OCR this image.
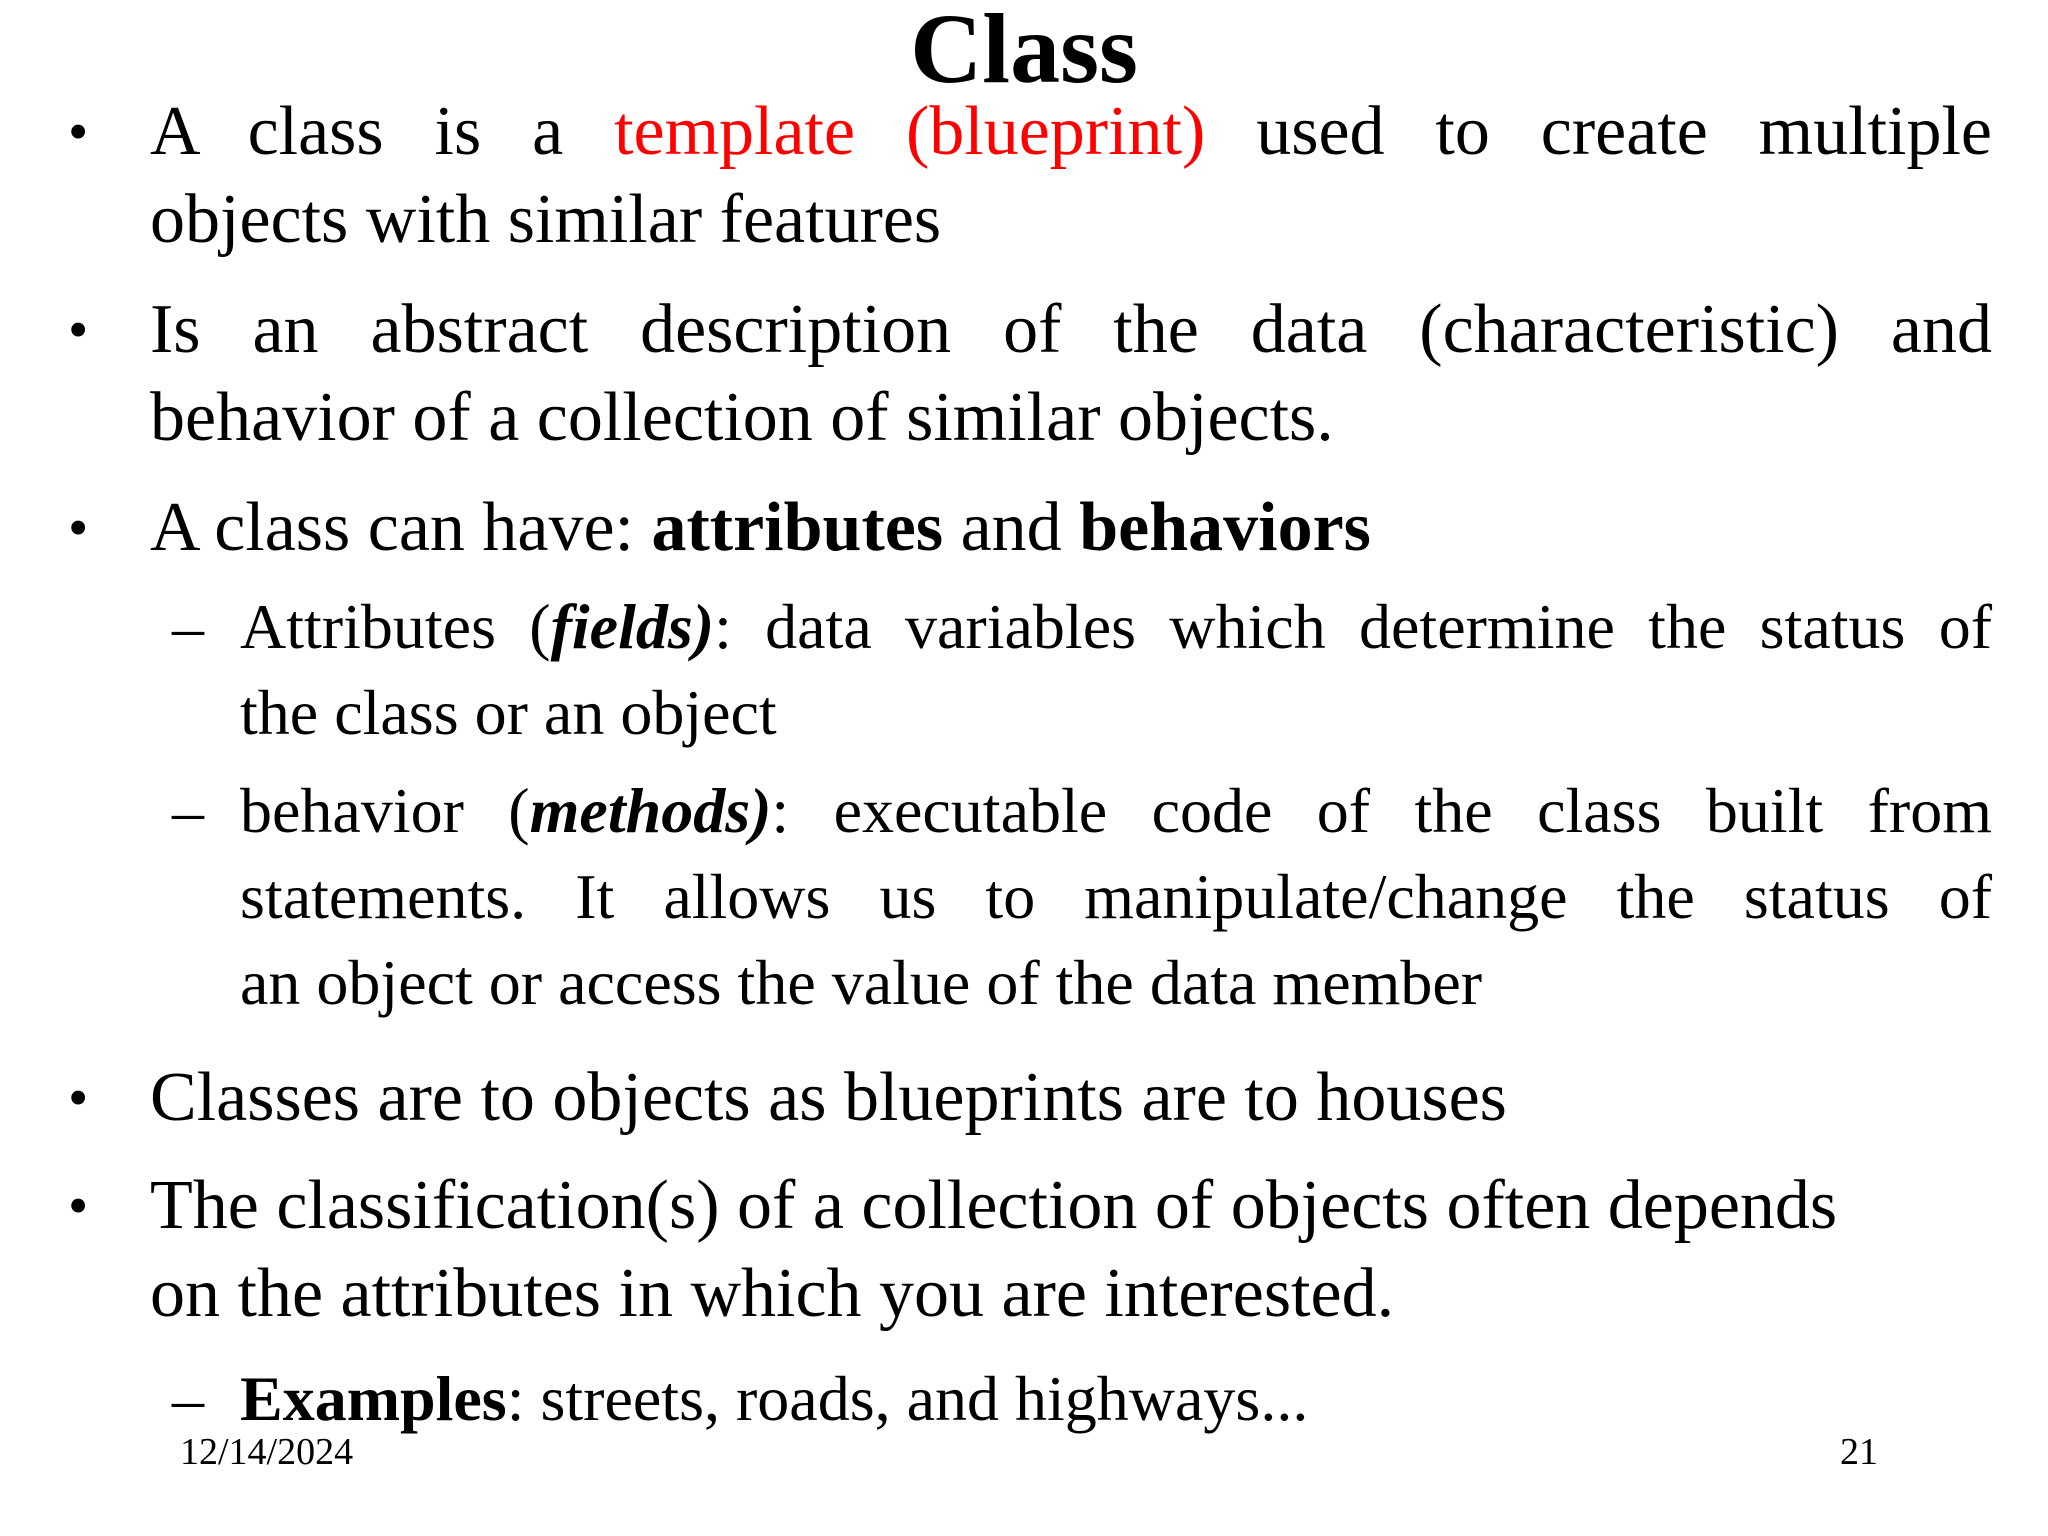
Class
• A class is a template (blueprint) used to create multiple
objects with similar features
• Is an abstract description of the data (characteristic) and
behavior of a collection of similar objects.
• A class can have: attributes and behaviors
– Attributes (fields): data variables which determine the status of
the class or an object
– behavior (methods): executable code of the class built from
statements. It allows us to manipulate/change the status of
an object or access the value of the data member
• Classes are to objects as blueprints are to houses
• The classification(s) of a collection of objects often depends
on the attributes in which you are interested.
– Examples: streets, roads, and highways...
12/14/2024	21
